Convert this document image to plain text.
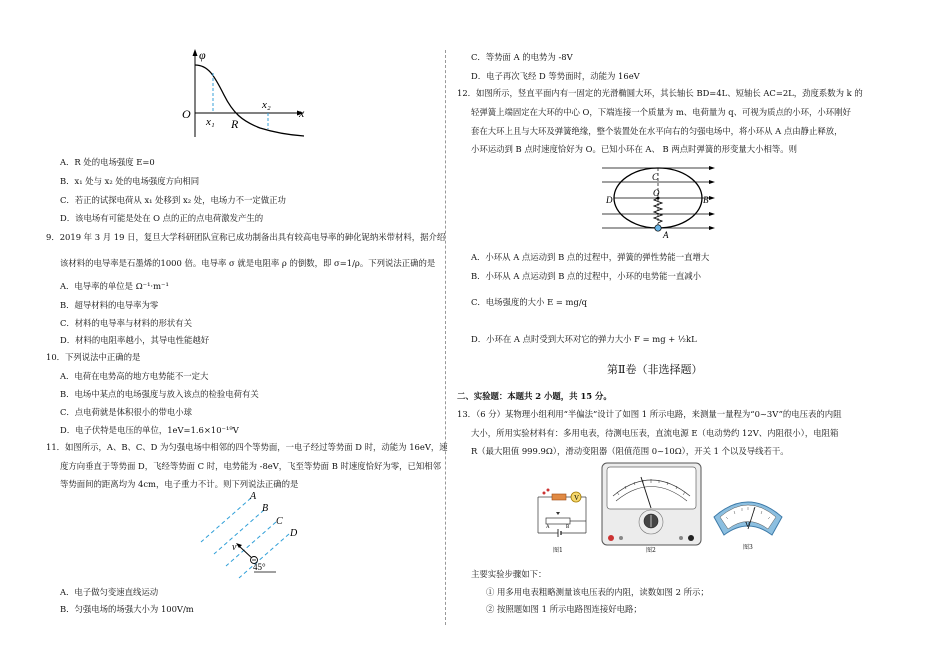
φ
x
O
x₁
x₂
R
A．R 处的电场强度 E=0
B．x₁ 处与 x₂ 处的电场强度方向相同
C．若正的试探电荷从 x₁ 处移到 x₂ 处，电场力不一定做正功
D．该电场有可能是处在 O 点的正的点电荷激发产生的
9．2019 年 3 月 19 日，复旦大学科研团队宣称已成功制备出具有较高电导率的砷化铌纳米带材料，据介绍
该材料的电导率是石墨烯的1000 倍。电导率 σ 就是电阻率 ρ 的倒数，即 σ=1/ρ。下列说法正确的是
A．电导率的单位是 Ω⁻¹·m⁻¹
B．超导材料的电导率为零
C．材料的电导率与材料的形状有关
D．材料的电阻率越小，其导电性能越好
10．下列说法中正确的是
A．电荷在电势高的地方电势能不一定大
B．电场中某点的电场强度与放入该点的检验电荷有关
C．点电荷就是体积很小的带电小球
D．电子伏特是电压的单位，1eV=1.6×10⁻¹⁹V
11．如图所示，A、B、C、D 为匀强电场中相邻的四个等势面，一电子经过等势面 D 时，动能为 16eV，速
度方向垂直于等势面 D，飞经等势面 C 时，电势能为 -8eV，飞至等势面 B 时速度恰好为零，已知相邻
等势面间的距离均为 4cm，电子重力不计。则下列说法正确的是
A
B
C
D
v
45°
A．电子做匀变速直线运动
B．匀强电场的场强大小为 100V/m
C．等势面 A 的电势为 -8V
D．电子再次飞经 D 等势面时，动能为 16eV
12．如图所示，竖直平面内有一固定的光滑椭圆大环，其长轴长 BD=4L、短轴长 AC=2L，劲度系数为 k 的
轻弹簧上端固定在大环的中心 O，下端连接一个质量为 m、电荷量为 q、可视为质点的小环，小环刚好
套在大环上且与大环及弹簧绝缘，整个装置处在水平向右的匀强电场中，将小环从 A 点由静止释放，
小环运动到 B 点时速度恰好为 O。已知小环在 A、 B 两点时弹簧的形变量大小相等。则
C
O
D	B
A
A．小环从 A 点运动到 B 点的过程中，弹簧的弹性势能一直增大
B．小环从 A 点运动到 B 点的过程中，小环的电势能一直减小
C．电场强度的大小 E = mg/q
D．小环在 A 点时受到大环对它的弹力大小 F = mg + ½kL
第Ⅱ卷（非选择题）
二、实验题：本题共 2 小题，共 15 分。
13．（6 分）某物理小组利用“半偏法”设计了如图 1 所示电路，来测量一量程为“0~3V”的电压表的内阻
大小，所用实验材料有：多用电表，待测电压表，直流电源 E（电动势约 12V、内阻很小），电阻箱
R（最大阻值 999.9Ω），滑动变阻器（阻值范围 0~10Ω），开关 1 个以及导线若干。
V
A	B
图1	图2
V
图3
主要实验步骤如下：
① 用多用电表粗略测量该电压表的内阻，读数如图 2 所示；
② 按照题如图 1 所示电路图连接好电路；
